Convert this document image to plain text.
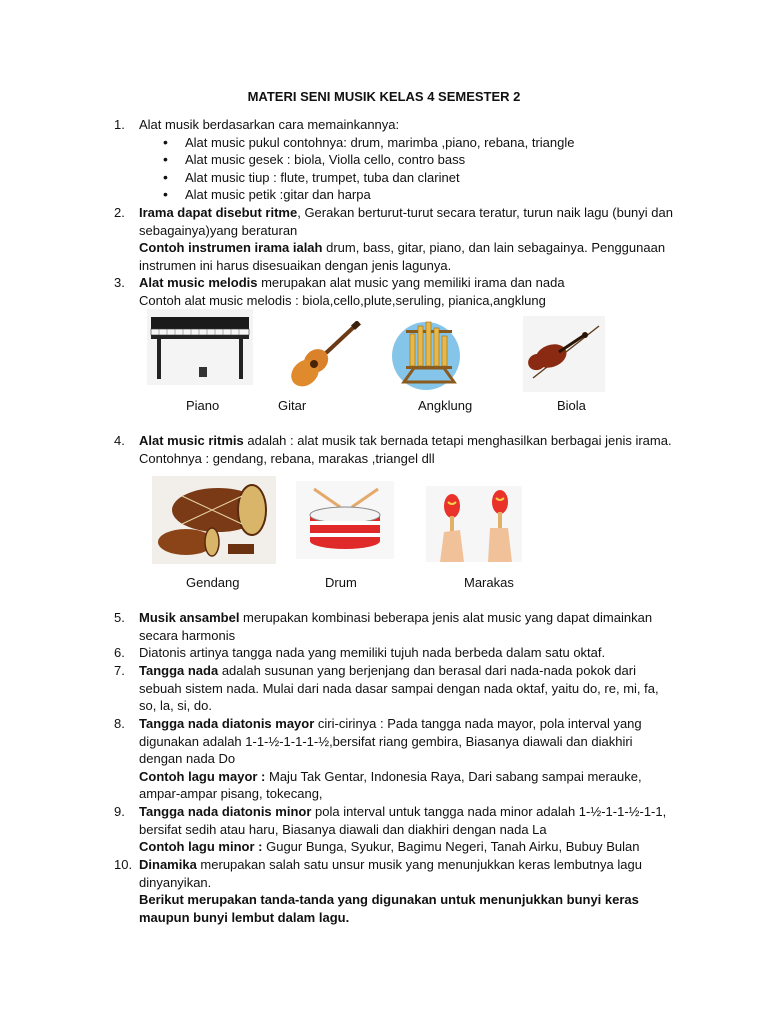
MATERI SENI MUSIK KELAS 4 SEMESTER 2
1.	Alat musik berdasarkan cara memainkannya:
• Alat music pukul contohnya: drum, marimba ,piano, rebana, triangle
• Alat music gesek : biola, Violla cello, contro bass
• Alat music tiup : flute, trumpet, tuba dan clarinet
• Alat music petik :gitar dan harpa
2.	Irama dapat disebut ritme, Gerakan berturut-turut secara teratur, turun naik lagu (bunyi dan sebagainya)yang beraturan
Contoh instrumen irama ialah drum, bass, gitar, piano, dan lain sebagainya. Penggunaan instrumen ini harus disesuaikan dengan jenis lagunya.
3.	Alat music melodis merupakan alat music yang memiliki irama dan nada
Contoh alat music melodis : biola,cello,plute,seruling, pianica,angklung
Piano	Gitar	Angklung	Biola
4.	Alat music ritmis adalah : alat musik tak bernada tetapi menghasilkan berbagai jenis irama.
Contohnya : gendang, rebana, marakas ,triangel dll
Gendang	Drum	Marakas
5.	Musik ansambel merupakan kombinasi beberapa jenis alat music yang dapat dimainkan secara harmonis
6.	Diatonis artinya tangga nada yang memiliki tujuh nada berbeda dalam satu oktaf.
7.	Tangga nada adalah susunan yang berjenjang dan berasal dari nada-nada pokok dari sebuah sistem nada. Mulai dari nada dasar sampai dengan nada oktaf, yaitu do, re, mi, fa, so, la, si, do.
8.	Tangga nada diatonis mayor ciri-cirinya : Pada tangga nada mayor, pola interval yang digunakan adalah 1-1-½-1-1-1-½,bersifat riang gembira, Biasanya diawali dan diakhiri dengan nada Do
Contoh lagu mayor : Maju Tak Gentar, Indonesia Raya, Dari sabang sampai merauke, ampar-ampar pisang, tokecang,
9.	Tangga nada diatonis minor pola interval untuk tangga nada minor adalah 1-½-1-1-½-1-1, bersifat sedih atau haru, Biasanya diawali dan diakhiri dengan nada La
Contoh lagu minor : Gugur Bunga, Syukur, Bagimu Negeri, Tanah Airku, Bubuy Bulan
10. Dinamika merupakan salah satu unsur musik yang menunjukkan keras lembutnya lagu dinyanyikan.
Berikut merupakan tanda-tanda yang digunakan untuk menunjukkan bunyi keras maupun bunyi lembut dalam lagu.
